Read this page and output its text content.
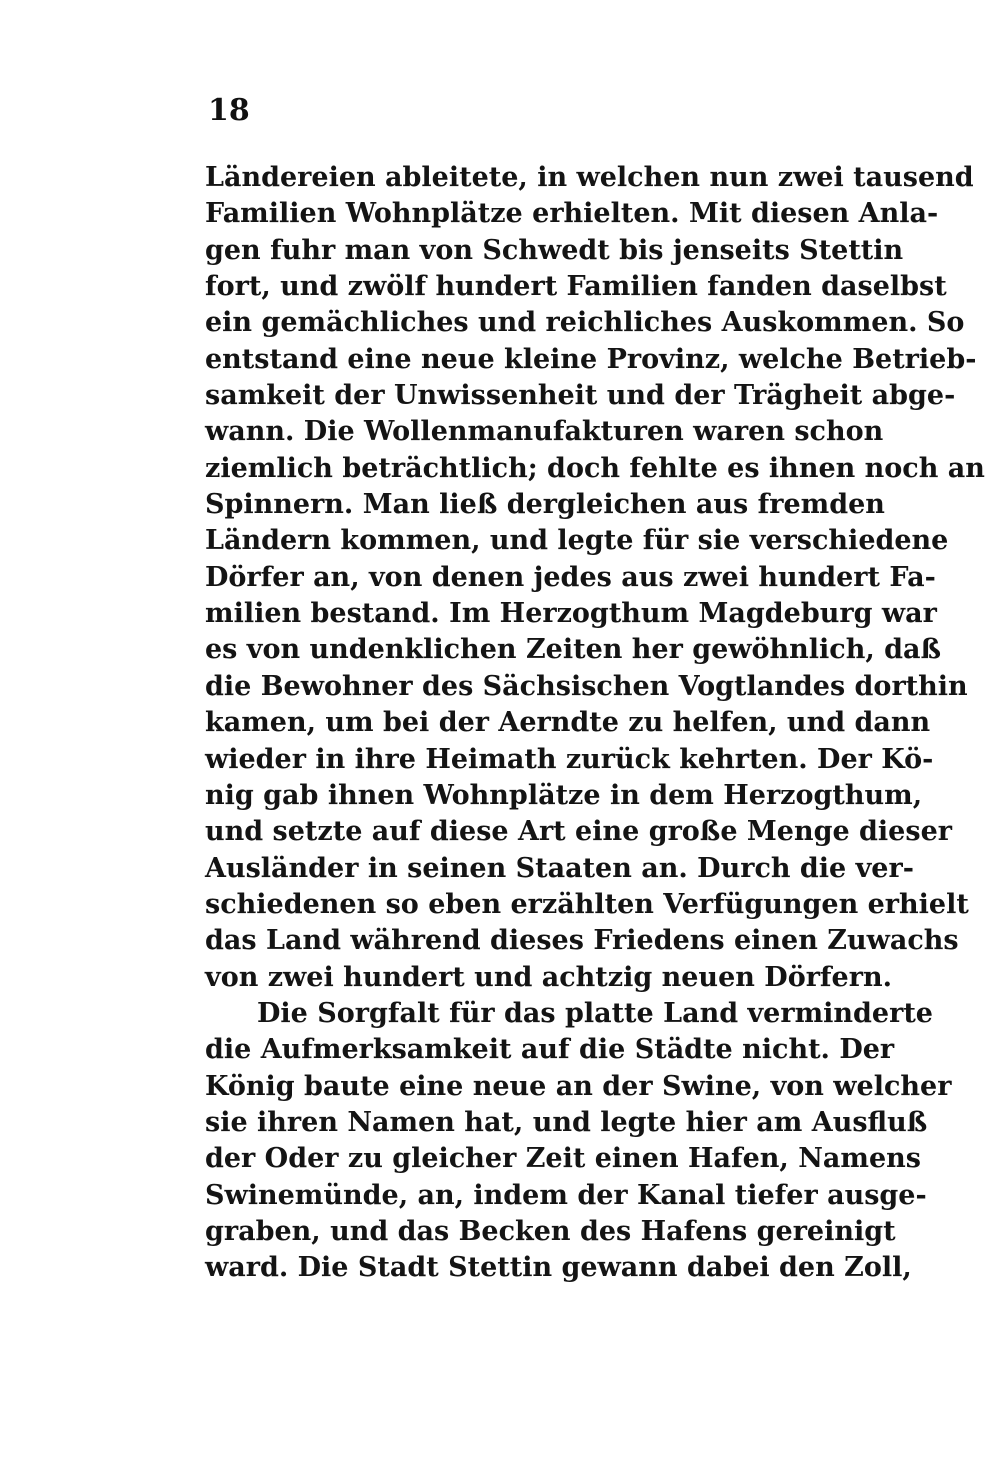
18
Ländereien ableitete, in welchen nun zwei tausend
Familien Wohnplätze erhielten. Mit diesen Anla-
gen fuhr man von Schwedt bis jenseits Stettin
fort, und zwölf hundert Familien fanden daselbst
ein gemächliches und reichliches Auskommen. So
entstand eine neue kleine Provinz, welche Betrieb-
samkeit der Unwissenheit und der Trägheit abge-
wann. Die Wollenmanufakturen waren schon
ziemlich beträchtlich; doch fehlte es ihnen noch an
Spinnern. Man ließ dergleichen aus fremden
Ländern kommen, und legte für sie verschiedene
Dörfer an, von denen jedes aus zwei hundert Fa-
milien bestand. Im Herzogthum Magdeburg war
es von undenklichen Zeiten her gewöhnlich, daß
die Bewohner des Sächsischen Vogtlandes dorthin
kamen, um bei der Aerndte zu helfen, und dann
wieder in ihre Heimath zurück kehrten. Der Kö-
nig gab ihnen Wohnplätze in dem Herzogthum,
und setzte auf diese Art eine große Menge dieser
Ausländer in seinen Staaten an. Durch die ver-
schiedenen so eben erzählten Verfügungen erhielt
das Land während dieses Friedens einen Zuwachs
von zwei hundert und achtzig neuen Dörfern.
Die Sorgfalt für das platte Land verminderte
die Aufmerksamkeit auf die Städte nicht. Der
König baute eine neue an der Swine, von welcher
sie ihren Namen hat, und legte hier am Ausfluß
der Oder zu gleicher Zeit einen Hafen, Namens
Swinemünde, an, indem der Kanal tiefer ausge-
graben, und das Becken des Hafens gereinigt
ward. Die Stadt Stettin gewann dabei den Zoll,
